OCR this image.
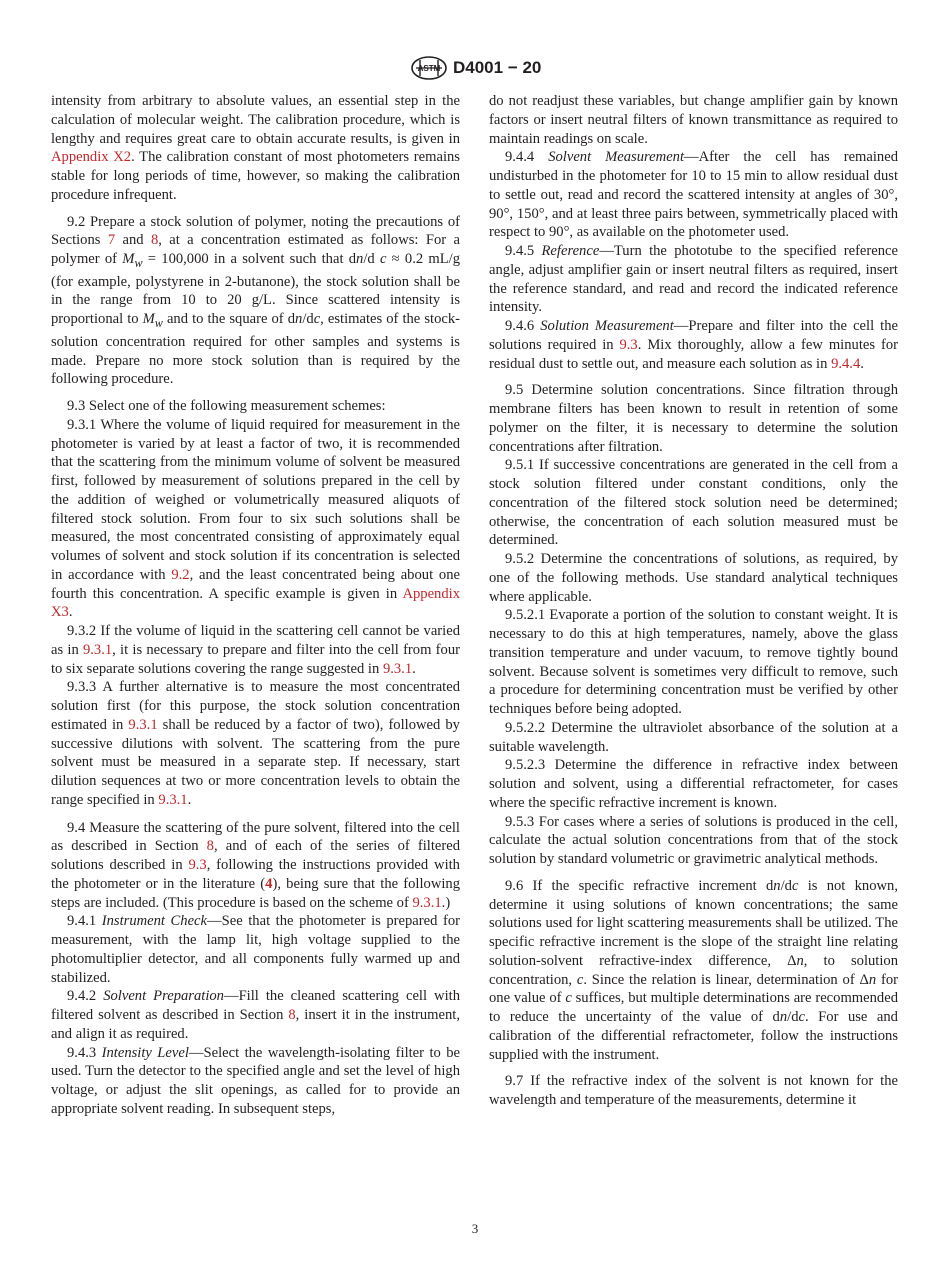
ASTM D4001 − 20

intensity from arbitrary to absolute values, an essential step in the calculation of molecular weight. The calibration procedure, which is lengthy and requires great care to obtain accurate results, is given in Appendix X2. The calibration constant of most photometers remains stable for long periods of time, however, so making the calibration procedure infrequent.

9.2 Prepare a stock solution of polymer, noting the precautions of Sections 7 and 8, at a concentration estimated as follows: For a polymer of $M_w = 100,000$ in a solvent such that dn/d c ≈ 0.2 mL/g (for example, polystyrene in 2-butanone), the stock solution shall be in the range from 10 to 20 g/L. Since scattered intensity is proportional to $M_w$ and to the square of dn/dc, estimates of the stock-solution concentration required for other samples and systems is made. Prepare no more stock solution than is required by the following procedure.

9.3 Select one of the following measurement schemes:

9.3.1 Where the volume of liquid required for measurement in the photometer is varied by at least a factor of two, it is recommended that the scattering from the minimum volume of solvent be measured first, followed by measurement of solutions prepared in the cell by the addition of weighed or volumetrically measured aliquots of filtered stock solution. From four to six such solutions shall be measured, the most concentrated consisting of approximately equal volumes of solvent and stock solution if its concentration is selected in accordance with 9.2, and the least concentrated being about one fourth this concentration. A specific example is given in Appendix X3.

9.3.2 If the volume of liquid in the scattering cell cannot be varied as in 9.3.1, it is necessary to prepare and filter into the cell from four to six separate solutions covering the range suggested in 9.3.1.

9.3.3 A further alternative is to measure the most concentrated solution first (for this purpose, the stock solution concentration estimated in 9.3.1 shall be reduced by a factor of two), followed by successive dilutions with solvent. The scattering from the pure solvent must be measured in a separate step. If necessary, start dilution sequences at two or more concentration levels to obtain the range specified in 9.3.1.

9.4 Measure the scattering of the pure solvent, filtered into the cell as described in Section 8, and of each of the series of filtered solutions described in 9.3, following the instructions provided with the photometer or in the literature (4), being sure that the following steps are included. (This procedure is based on the scheme of 9.3.1.)

9.4.1 Instrument Check—See that the photometer is prepared for measurement, with the lamp lit, high voltage supplied to the photomultiplier detector, and all components fully warmed up and stabilized.

9.4.2 Solvent Preparation—Fill the cleaned scattering cell with filtered solvent as described in Section 8, insert it in the instrument, and align it as required.

9.4.3 Intensity Level—Select the wavelength-isolating filter to be used. Turn the detector to the specified angle and set the level of high voltage, or adjust the slit openings, as called for to provide an appropriate solvent reading. In subsequent steps,

do not readjust these variables, but change amplifier gain by known factors or insert neutral filters of known transmittance as required to maintain readings on scale.

9.4.4 Solvent Measurement—After the cell has remained undisturbed in the photometer for 10 to 15 min to allow residual dust to settle out, read and record the scattered intensity at angles of 30°, 90°, 150°, and at least three pairs between, symmetrically placed with respect to 90°, as available on the photometer used.

9.4.5 Reference—Turn the phototube to the specified reference angle, adjust amplifier gain or insert neutral filters as required, insert the reference standard, and read and record the indicated reference intensity.

9.4.6 Solution Measurement—Prepare and filter into the cell the solutions required in 9.3. Mix thoroughly, allow a few minutes for residual dust to settle out, and measure each solution as in 9.4.4.

9.5 Determine solution concentrations. Since filtration through membrane filters has been known to result in retention of some polymer on the filter, it is necessary to determine the solution concentrations after filtration.

9.5.1 If successive concentrations are generated in the cell from a stock solution filtered under constant conditions, only the concentration of the filtered stock solution need be determined; otherwise, the concentration of each solution measured must be determined.

9.5.2 Determine the concentrations of solutions, as required, by one of the following methods. Use standard analytical techniques where applicable.

9.5.2.1 Evaporate a portion of the solution to constant weight. It is necessary to do this at high temperatures, namely, above the glass transition temperature and under vacuum, to remove tightly bound solvent. Because solvent is sometimes very difficult to remove, such a procedure for determining concentration must be verified by other techniques before being adopted.

9.5.2.2 Determine the ultraviolet absorbance of the solution at a suitable wavelength.

9.5.2.3 Determine the difference in refractive index between solution and solvent, using a differential refractometer, for cases where the specific refractive increment is known.

9.5.3 For cases where a series of solutions is produced in the cell, calculate the actual solution concentrations from that of the stock solution by standard volumetric or gravimetric analytical methods.

9.6 If the specific refractive increment dn/dc is not known, determine it using solutions of known concentrations; the same solutions used for light scattering measurements shall be utilized. The specific refractive increment is the slope of the straight line relating solution-solvent refractive-index difference, Δn, to solution concentration, c. Since the relation is linear, determination of Δn for one value of c suffices, but multiple determinations are recommended to reduce the uncertainty of the value of dn/dc. For use and calibration of the differential refractometer, follow the instructions supplied with the instrument.

9.7 If the refractive index of the solvent is not known for the wavelength and temperature of the measurements, determine it

3
